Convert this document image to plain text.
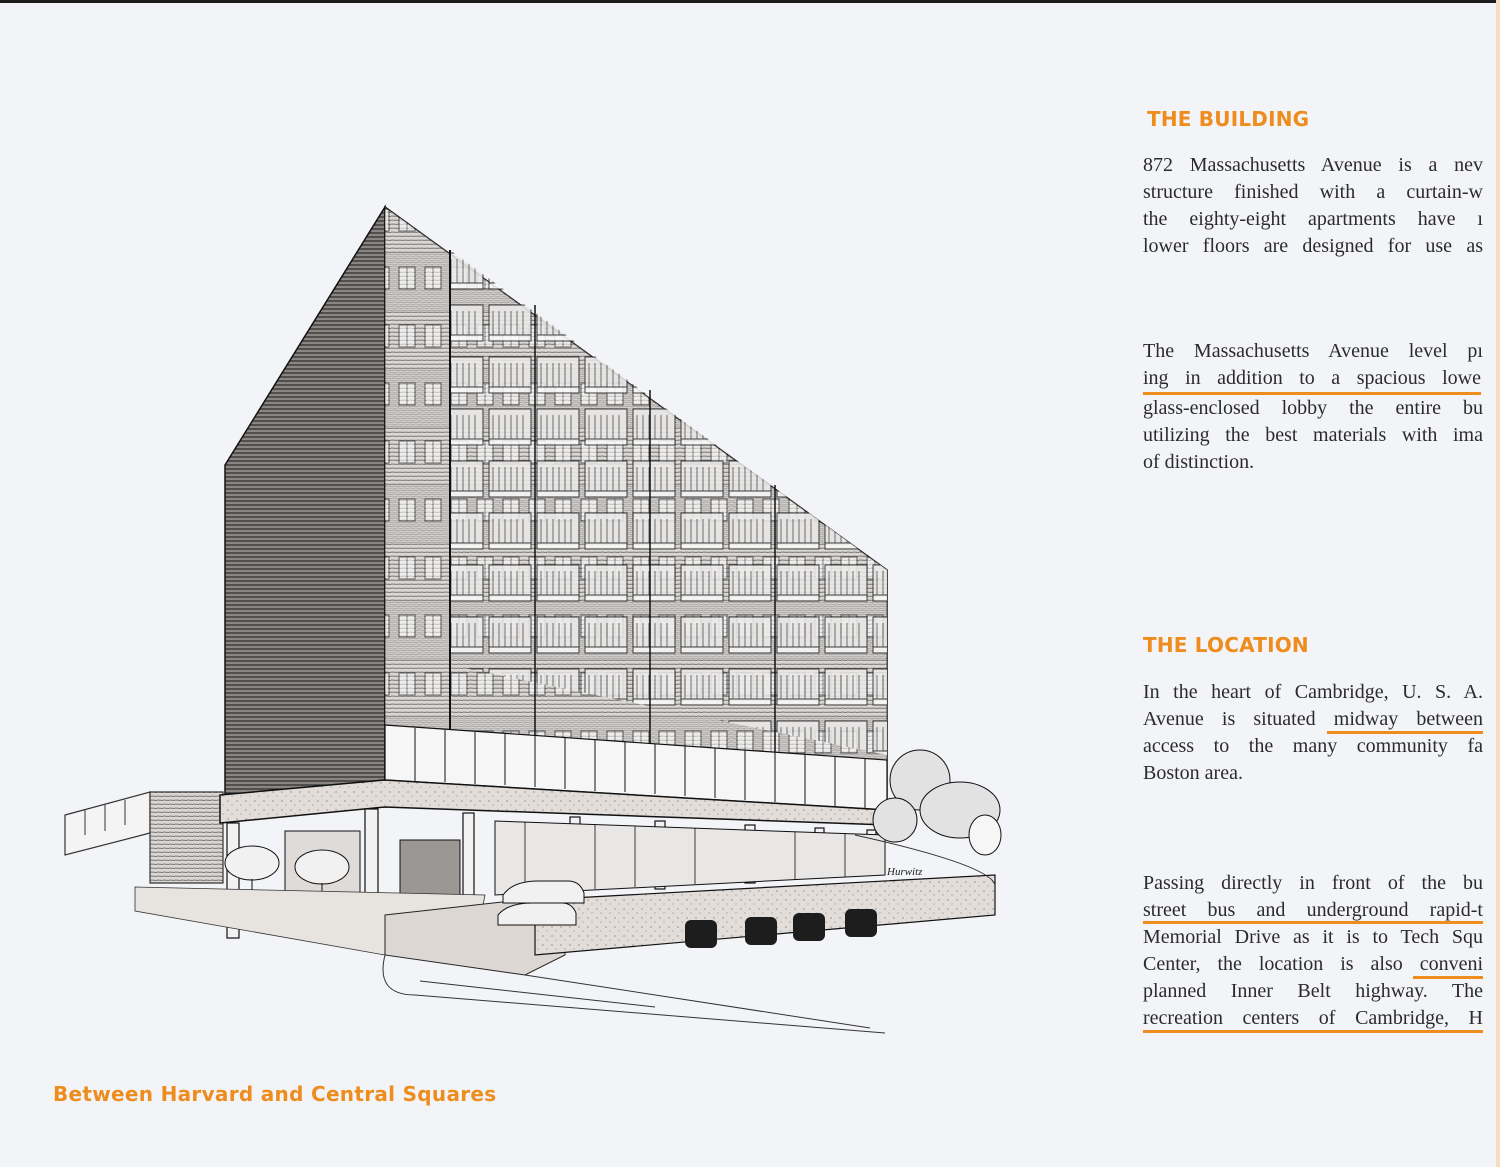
Hurwitz
Between Harvard and Central Squares
THE BUILDING
872 Massachusetts Avenue is a nev
structure finished with a curtain-w
the eighty-eight apartments have ı
lower floors are designed for use as
The Massachusetts Avenue level pı
ing in addition to a spacious lowe
glass-enclosed lobby the entire bu
utilizing the best materials with ima
of distinction.
THE LOCATION
In the heart of Cambridge, U. S. A.
Avenue is situated midway between
access to the many community fa
Boston area.
Passing directly in front of the bu
street bus and underground rapid-t
Memorial Drive as it is to Tech Squ
Center, the location is also conveni
planned Inner Belt highway. The
recreation centers of Cambridge, H
